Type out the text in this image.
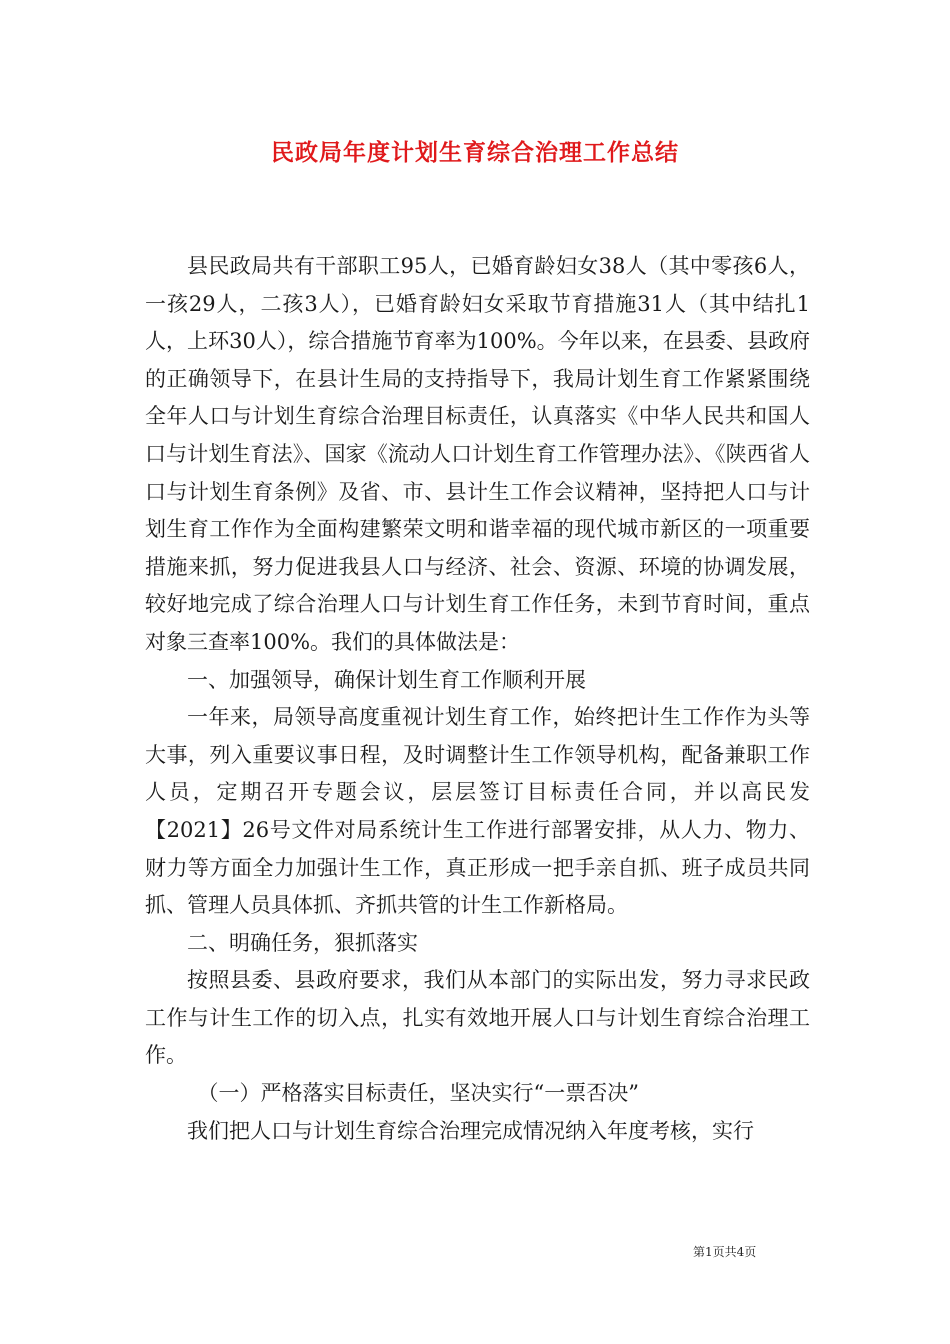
民政局年度计划生育综合治理工作总结

县民政局共有干部职工95人，已婚育龄妇女38人（其中零孩6人，一孩29人，二孩3人），已婚育龄妇女采取节育措施31人（其中结扎1人，上环30人），综合措施节育率为100%。今年以来，在县委、县政府的正确领导下，在县计生局的支持指导下，我局计划生育工作紧紧围绕全年人口与计划生育综合治理目标责任，认真落实《中华人民共和国人口与计划生育法》、国家《流动人口计划生育工作管理办法》、《陕西省人口与计划生育条例》及省、市、县计生工作会议精神，坚持把人口与计划生育工作作为全面构建繁荣文明和谐幸福的现代城市新区的一项重要措施来抓，努力促进我县人口与经济、社会、资源、环境的协调发展，较好地完成了综合治理人口与计划生育工作任务，未到节育时间，重点对象三查率100%。我们的具体做法是：

一、加强领导，确保计划生育工作顺利开展

一年来，局领导高度重视计划生育工作，始终把计生工作作为头等大事，列入重要议事日程，及时调整计生工作领导机构，配备兼职工作人员，定期召开专题会议，层层签订目标责任合同，并以高民发【2021】26号文件对局系统计生工作进行部署安排，从人力、物力、财力等方面全力加强计生工作，真正形成一把手亲自抓、班子成员共同抓、管理人员具体抓、齐抓共管的计生工作新格局。

二、明确任务，狠抓落实

按照县委、县政府要求，我们从本部门的实际出发，努力寻求民政工作与计生工作的切入点，扎实有效地开展人口与计划生育综合治理工作。

（一）严格落实目标责任，坚决实行“一票否决”

我们把人口与计划生育综合治理完成情况纳入年度考核，实行

第1页共4页
